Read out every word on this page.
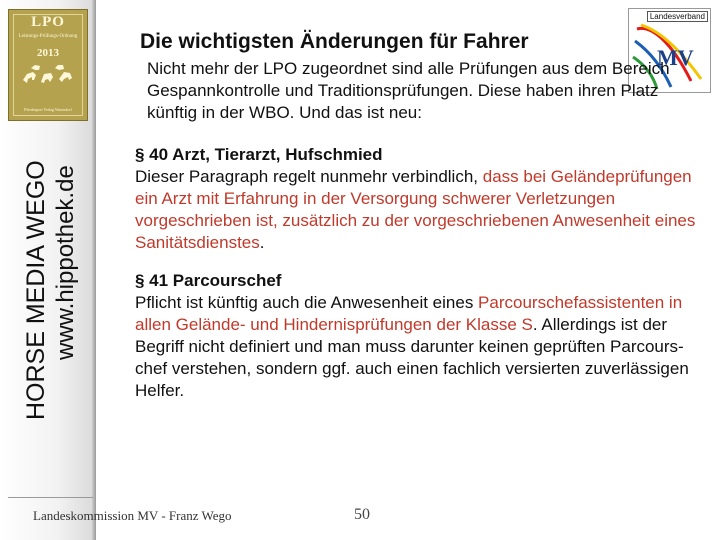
LPO
Leistungs-Prüfungs-Ordnung
2013
Pferdesport Verlag Warendorf
HORSE MEDIA WEGO www.hippothek.de
Landesverband
MV
Die wichtigsten Änderungen für Fahrer
Nicht mehr der LPO zugeordnet sind alle Prüfungen aus dem Bereich Gespannkontrolle und Traditionsprüfungen. Diese haben ihren Platz künftig in der WBO. Und das ist neu:
§ 40 Arzt, Tierarzt, Hufschmied
Dieser Paragraph regelt nunmehr verbindlich, dass bei Geländeprüfungen ein Arzt mit Erfahrung in der Versorgung schwerer Verletzungen vorgeschrieben ist, zusätzlich zu der vorgeschriebenen Anwesenheit eines Sanitätsdienstes.
§ 41 Parcourschef
Pflicht ist künftig auch die Anwesenheit eines Parcourschefassistenten in allen Gelände- und Hindernisprüfungen der Klasse S. Allerdings ist der Begriff nicht definiert und man muss darunter keinen geprüften Parcours-chef verstehen, sondern ggf. auch einen fachlich versierten zuverlässigen Helfer.
Landeskommission MV - Franz Wego	50
